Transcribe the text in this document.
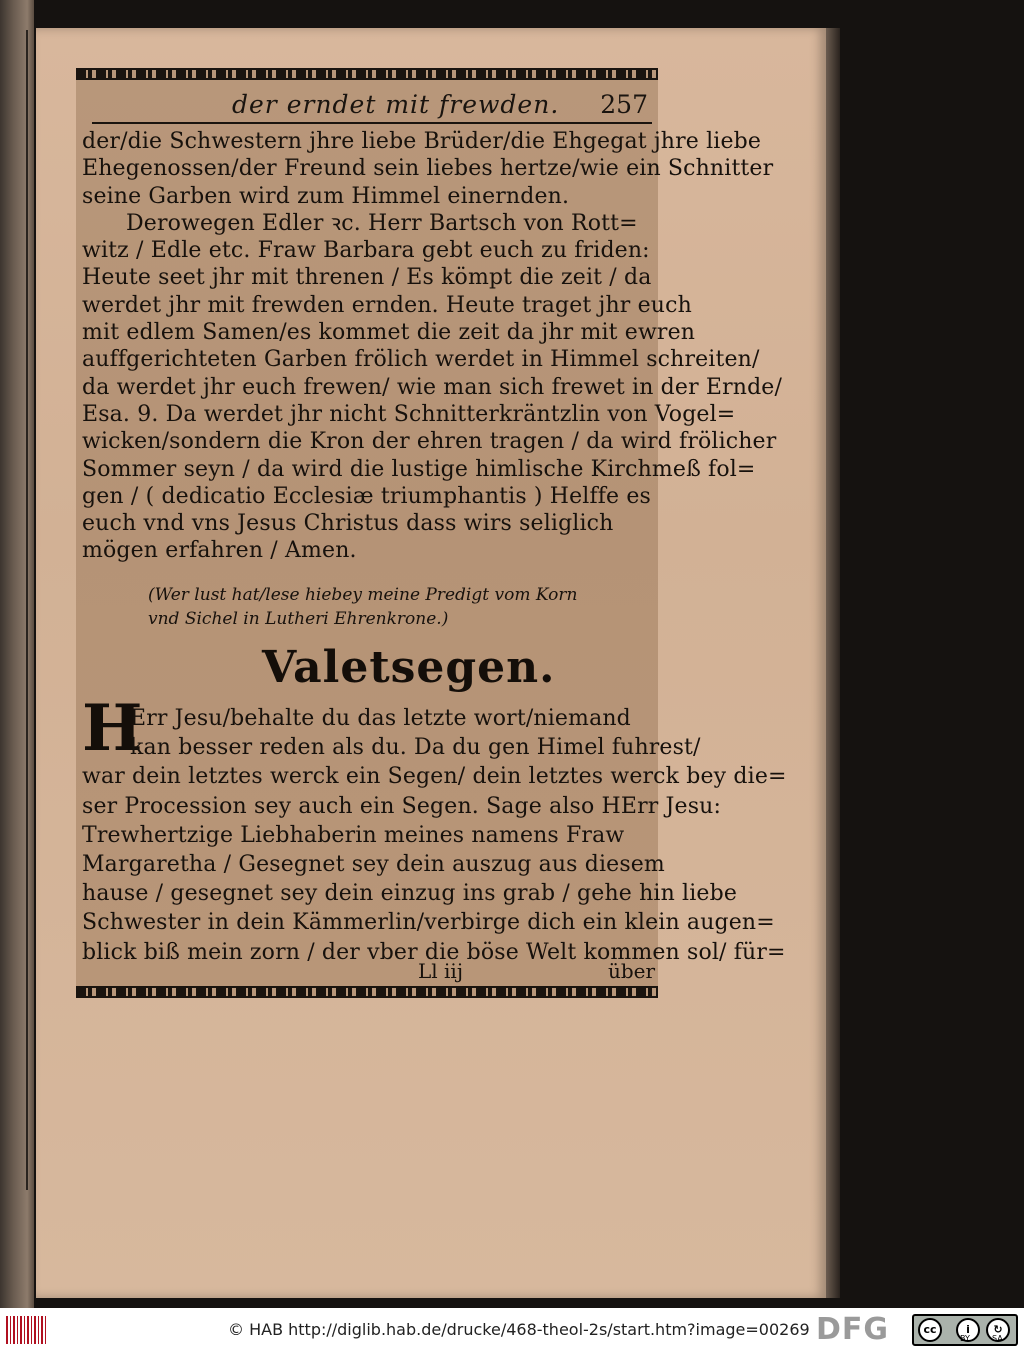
der erndet mit frewden. 257
der/die Schwestern jhre liebe Brüder/die Ehgegat jhre liebe
Ehegenossen/der Freund sein liebes hertze/wie ein Schnitter
seine Garben wird zum Himmel einernden.
Derowegen Edler ꝛc. Herr Bartsch von Rott=
witz / Edle etc. Fraw Barbara gebt euch zu friden:
Heute seet jhr mit threnen / Es kömpt die zeit / da
werdet jhr mit frewden ernden. Heute traget jhr euch
mit edlem Samen/es kommet die zeit da jhr mit ewren
auffgerichteten Garben frölich werdet in Himmel schreiten/
da werdet jhr euch frewen/ wie man sich frewet in der Ernde/
Esa. 9. Da werdet jhr nicht Schnitterkräntzlin von Vogel=
wicken/sondern die Kron der ehren tragen / da wird frölicher
Sommer seyn / da wird die lustige himlische Kirchmeß fol=
gen / ( dedicatio Ecclesiæ triumphantis ) Helffe es
euch vnd vns Jesus Christus dass wirs seliglich
mögen erfahren / Amen.
(Wer lust hat/lese hiebey meine Predigt vom Korn
vnd Sichel in Lutheri Ehrenkrone.)
Valetsegen.
H
Err Jesu/behalte du das letzte wort/niemand
kan besser reden als du. Da du gen Himel fuhrest/
war dein letztes werck ein Segen/ dein letztes werck bey die=
ser Procession sey auch ein Segen. Sage also HErr Jesu:
Trewhertzige Liebhaberin meines namens Fraw
Margaretha / Gesegnet sey dein auszug aus diesem
hause / gesegnet sey dein einzug ins grab / gehe hin liebe
Schwester in dein Kämmerlin/verbirge dich ein klein augen=
blick biß mein zorn / der vber die böse Welt kommen sol/ für=
Ll iij	über
© HAB http://diglib.hab.de/drucke/468-theol-2s/start.htm?image=00269 DFG	cc	i	↻
BY	SA
